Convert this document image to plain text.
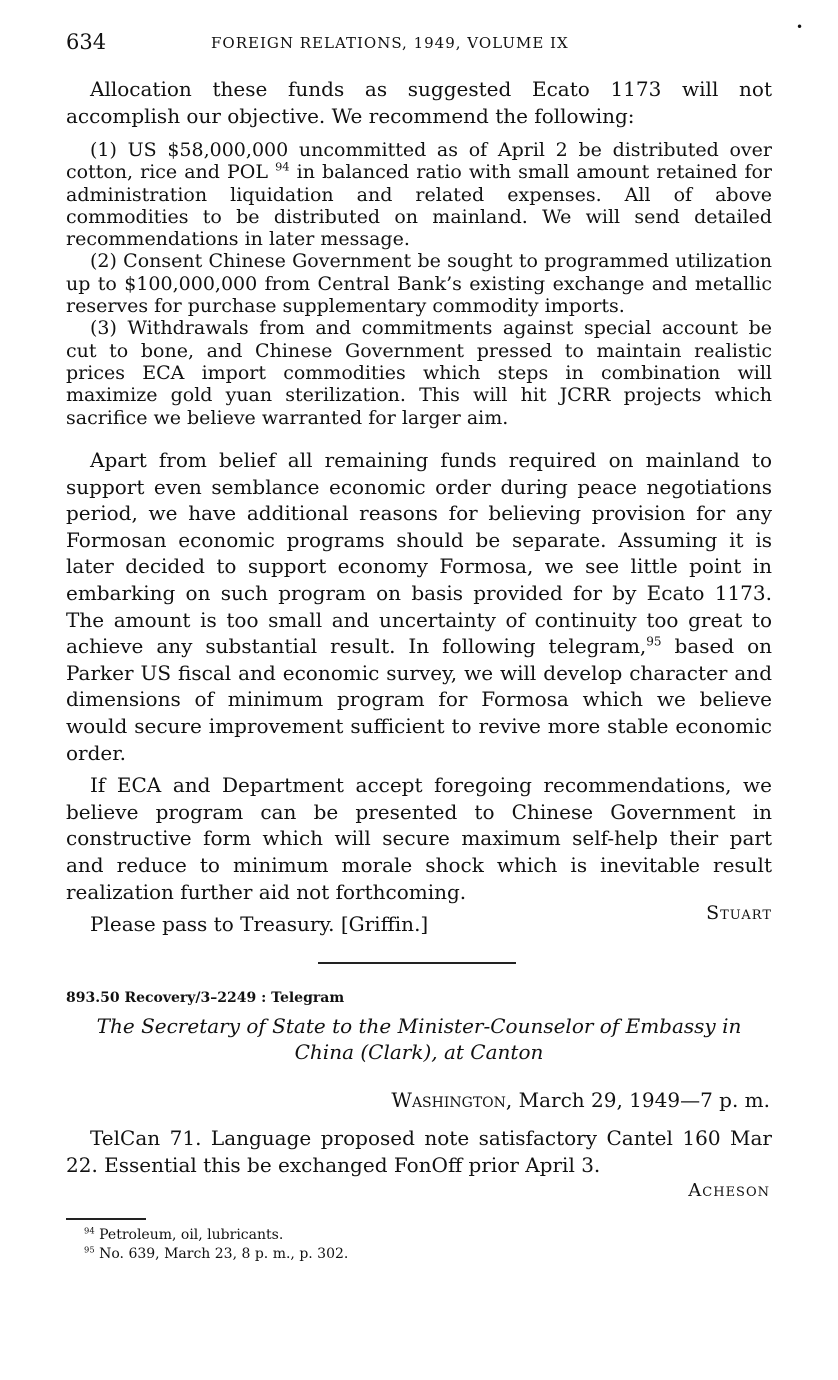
634	FOREIGN RELATIONS, 1949, VOLUME IX
•

Allocation these funds as suggested Ecato 1173 will not accomplish our objective. We recommend the following:

(1) US $58,000,000 uncommitted as of April 2 be distributed over cotton, rice and POL $^{94}$ in balanced ratio with small amount retained for administration liquidation and related expenses. All of above commodities to be distributed on mainland. We will send detailed recommendations in later message.

(2) Consent Chinese Government be sought to programmed utilization up to $100,000,000 from Central Bank’s existing exchange and metallic reserves for purchase supplementary commodity imports.

(3) Withdrawals from and commitments against special account be cut to bone, and Chinese Government pressed to maintain realistic prices ECA import commodities which steps in combination will maximize gold yuan sterilization. This will hit JCRR projects which sacrifice we believe warranted for larger aim.

Apart from belief all remaining funds required on mainland to support even semblance economic order during peace negotiations period, we have additional reasons for believing provision for any Formosan economic programs should be separate. Assuming it is later decided to support economy Formosa, we see little point in embarking on such program on basis provided for by Ecato 1173. The amount is too small and uncertainty of continuity too great to achieve any substantial result. In following telegram,$^{95}$ based on Parker US fiscal and economic survey, we will develop character and dimensions of minimum program for Formosa which we believe would secure improvement sufficient to revive more stable economic order.

If ECA and Department accept foregoing recommendations, we believe program can be presented to Chinese Government in constructive form which will secure maximum self-help their part and reduce to minimum morale shock which is inevitable result realization further aid not forthcoming.

Please pass to Treasury. [Griffin.]	Stuart
893.50 Recovery/3–2249 : Telegram
The Secretary of State to the Minister-Counselor of Embassy in
China (Clark), at Canton
Washington, March 29, 1949—7 p. m.

TelCan 71. Language proposed note satisfactory Cantel 160 Mar 22. Essential this be exchanged FonOff prior April 3.

Acheson
$^{94}$ Petroleum, oil, lubricants.
$^{95}$ No. 639, March 23, 8 p. m., p. 302.
